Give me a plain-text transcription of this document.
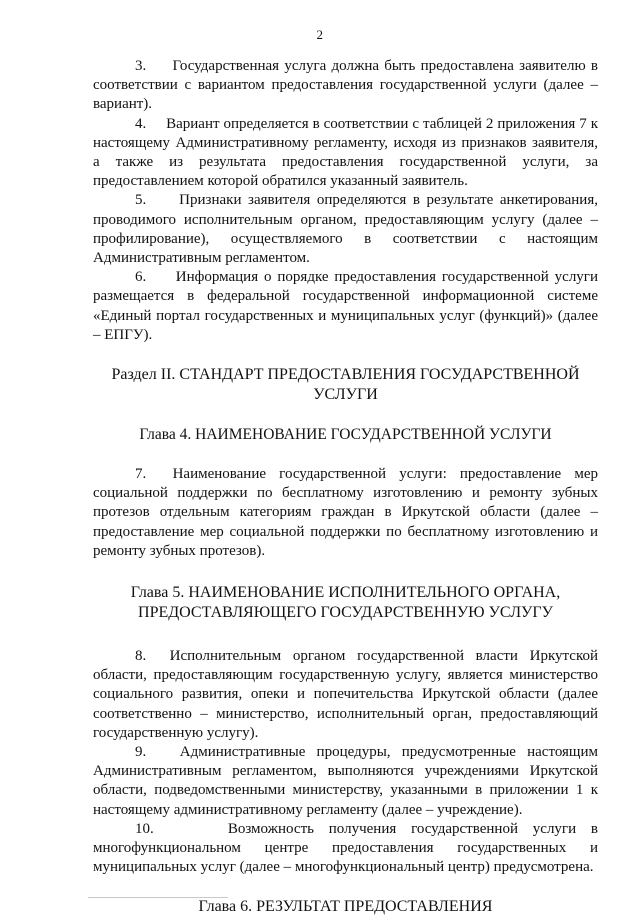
2

3.     Государственная услуга должна быть предоставлена заявителю в соответствии с вариантом предоставления государственной услуги (далее – вариант).

4.     Вариант определяется в соответствии с таблицей 2 приложения 7 к настоящему Административному регламенту, исходя из признаков заявителя, а также из результата предоставления государственной услуги, за предоставлением которой обратился указанный заявитель.

5.     Признаки заявителя определяются в результате анкетирования, проводимого исполнительным органом, предоставляющим услугу (далее – профилирование), осуществляемого в соответствии с настоящим Административным регламентом.

6.     Информация о порядке предоставления государственной услуги размещается в федеральной государственной информационной системе «Единый портал государственных и муниципальных услуг (функций)» (далее – ЕПГУ).

Раздел II. СТАНДАРТ ПРЕДОСТАВЛЕНИЯ ГОСУДАРСТВЕННОЙ УСЛУГИ

Глава 4. НАИМЕНОВАНИЕ ГОСУДАРСТВЕННОЙ УСЛУГИ

7.  Наименование государственной услуги: предоставление мер социальной поддержки по бесплатному изготовлению и ремонту зубных протезов отдельным категориям граждан в Иркутской области (далее – предоставление мер социальной поддержки по бесплатному изготовлению и ремонту зубных протезов).

Глава 5. НАИМЕНОВАНИЕ ИСПОЛНИТЕЛЬНОГО ОРГАНА,

ПРЕДОСТАВЛЯЮЩЕГО ГОСУДАРСТВЕННУЮ УСЛУГУ

8.  Исполнительным органом государственной власти Иркутской области, предоставляющим государственную услугу, является министерство социального развития, опеки и попечительства Иркутской области (далее соответственно – министерство, исполнительный орган, предоставляющий государственную услугу).

9.   Административные процедуры, предусмотренные настоящим Административным регламентом, выполняются учреждениями Иркутской области, подведомственными министерству, указанными в приложении 1 к настоящему административному регламенту (далее – учреждение).

10.     Возможность получения государственной услуги в многофункциональном центре предоставления государственных и муниципальных услуг (далее – многофункциональный центр) предусмотрена.

Глава 6. РЕЗУЛЬТАТ ПРЕДОСТАВЛЕНИЯ
